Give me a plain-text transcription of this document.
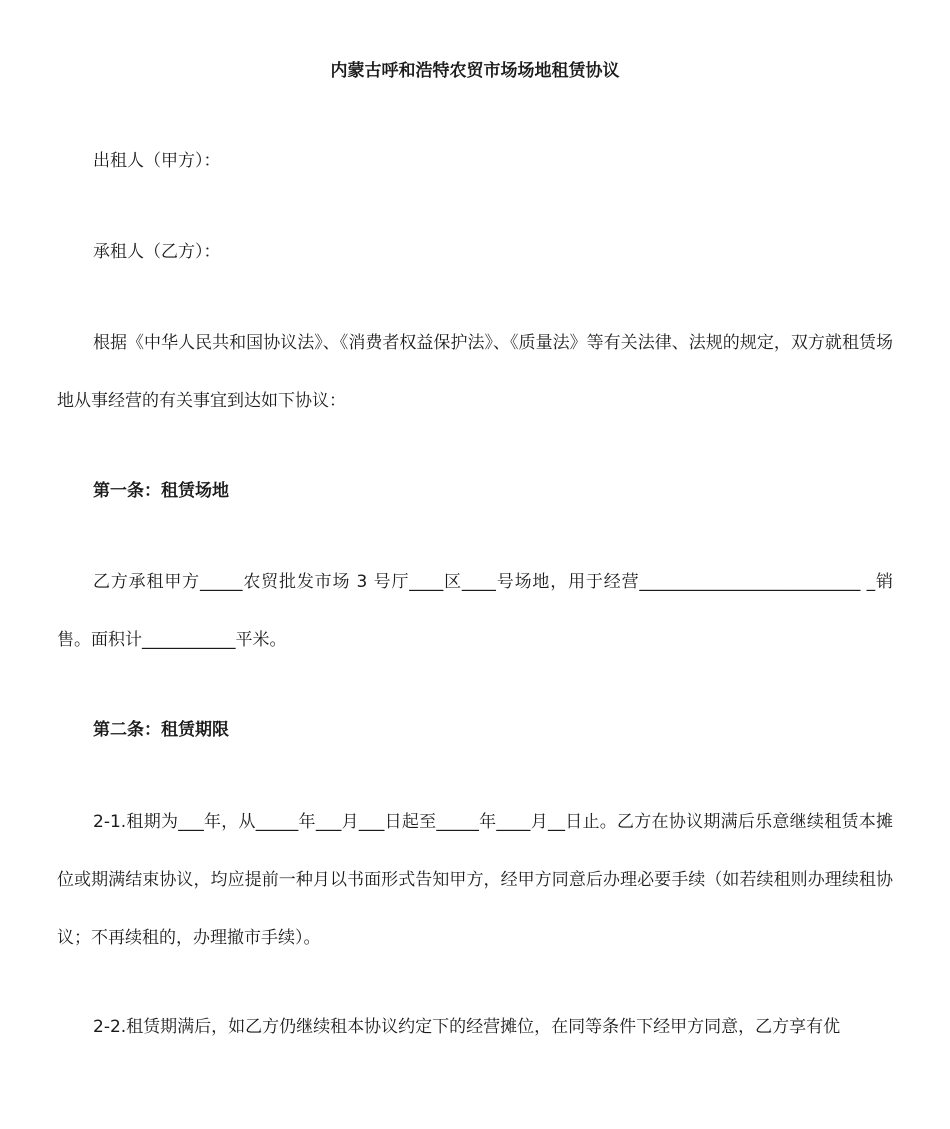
内蒙古呼和浩特农贸市场场地租赁协议

出租人（甲方）：

承租人（乙方）：

根据《中华人民共和国协议法》、《消费者权益保护法》、《质量法》等有关法律、法规的规定，双方就租赁场地从事经营的有关事宜到达如下协议：

第一条：租赁场地

乙方承租甲方_____农贸批发市场 3 号厅____区____号场地，用于经营__________________________ _销售。面积计___________平米。

第二条：租赁期限

2-1.租期为___年，从_____年___月___日起至_____年____月__日止。乙方在协议期满后乐意继续租赁本摊位或期满结束协议，均应提前一种月以书面形式告知甲方，经甲方同意后办理必要手续（如若续租则办理续租协议；不再续租的，办理撤市手续）。

2-2.租赁期满后，如乙方仍继续租本协议约定下的经营摊位，在同等条件下经甲方同意，乙方享有优
